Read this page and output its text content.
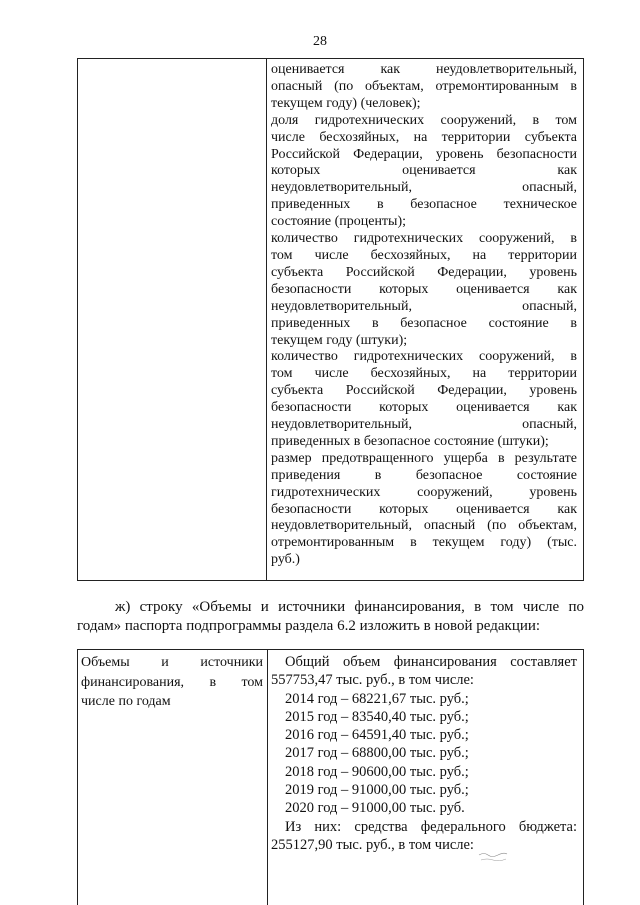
28
оценивается как неудовлетворительный,
опасный (по объектам, отремонтированным в
текущем году) (человек);
доля гидротехнических сооружений, в том
числе бесхозяйных, на территории субъекта
Российской Федерации, уровень безопасности
которых оценивается как
неудовлетворительный, опасный,
приведенных в безопасное техническое
состояние (проценты);
количество гидротехнических сооружений, в
том числе бесхозяйных, на территории
субъекта Российской Федерации, уровень
безопасности которых оценивается как
неудовлетворительный, опасный,
приведенных в безопасное состояние в
текущем году (штуки);
количество гидротехнических сооружений, в
том числе бесхозяйных, на территории
субъекта Российской Федерации, уровень
безопасности которых оценивается как
неудовлетворительный, опасный,
приведенных в безопасное состояние (штуки);
размер предотвращенного ущерба в результате
приведения в безопасное состояние
гидротехнических сооружений, уровень
безопасности которых оценивается как
неудовлетворительный, опасный (по объектам,
отремонтированным в текущем году) (тыс.
руб.)
ж) строку «Объемы и источники финансирования, в том числе по
годам» паспорта подпрограммы раздела 6.2 изложить в новой редакции:
Объемы и источники
финансирования, в том
числе по годам
Общий объем финансирования составляет
557753,47 тыс. руб., в том числе:
2014 год – 68221,67 тыс. руб.;
2015 год – 83540,40 тыс. руб.;
2016 год – 64591,40 тыс. руб.;
2017 год – 68800,00 тыс. руб.;
2018 год – 90600,00 тыс. руб.;
2019 год – 91000,00 тыс. руб.;
2020 год – 91000,00 тыс. руб.
Из них: средства федерального бюджета:
255127,90 тыс. руб., в том числе:
